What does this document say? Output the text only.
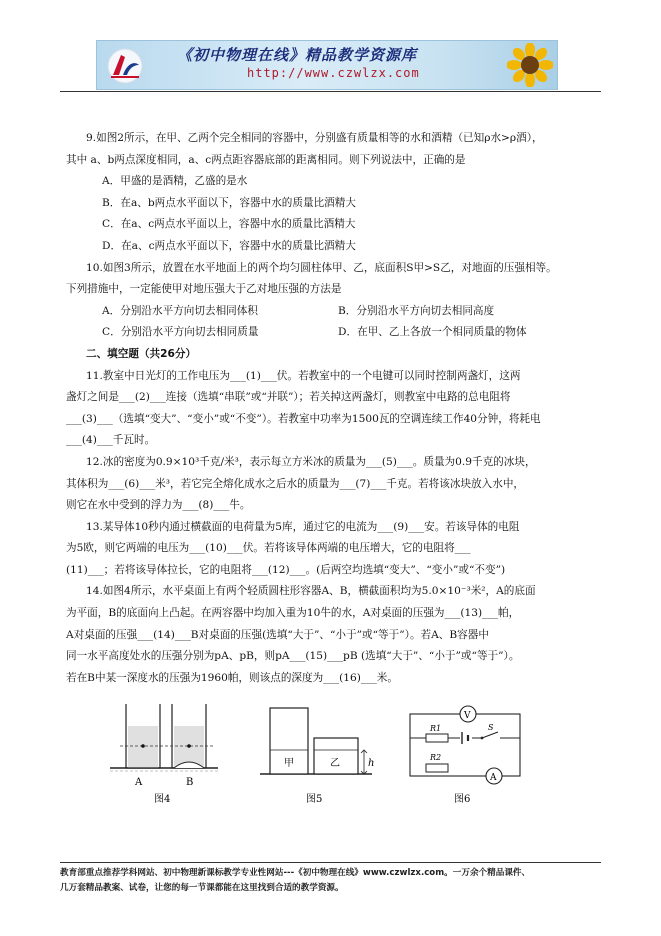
《初中物理在线》精品教学资源库
http://www.czwlzx.com
9.如图2所示，在甲、乙两个完全相同的容器中，分别盛有质量相等的水和酒精（已知ρ水>ρ酒），
其中 a、b两点深度相同，a、c两点距容器底部的距离相同。则下列说法中，正确的是
A．甲盛的是酒精，乙盛的是水
B．在a、b两点水平面以下，容器中水的质量比酒精大
C．在a、c两点水平面以上，容器中水的质量比酒精大
D．在a、c两点水平面以下，容器中水的质量比酒精大
10.如图3所示，放置在水平地面上的两个均匀圆柱体甲、乙，底面积S甲>S乙，对地面的压强相等。
下列措施中，一定能使甲对地压强大于乙对地压强的方法是
A．分别沿水平方向切去相同体积	B．分别沿水平方向切去相同高度
C．分别沿水平方向切去相同质量	D．在甲、乙上各放一个相同质量的物体
二、填空题（共26分）
11.教室中日光灯的工作电压为___(1)___伏。若教室中的一个电键可以同时控制两盏灯，这两
盏灯之间是___(2)___连接（选填“串联”或“并联”）；若关掉这两盏灯，则教室中电路的总电阻将
___(3)___（选填“变大”、“变小”或“不变”）。若教室中功率为1500瓦的空调连续工作40分钟，将耗电
___(4)___千瓦时。
12.冰的密度为0.9×10³千克/米³，表示每立方米冰的质量为___(5)___。质量为0.9千克的冰块，
其体积为___(6)___米³，若它完全熔化成水之后水的质量为___(7)___千克。若将该冰块放入水中，
则它在水中受到的浮力为___(8)___牛。
13.某导体10秒内通过横截面的电荷量为5库，通过它的电流为___(9)___安。若该导体的电阻
为5欧，则它两端的电压为___(10)___伏。若将该导体两端的电压增大，它的电阻将___
(11)___；若将该导体拉长，它的电阻将___(12)___。(后两空均选填“变大”、“变小”或“不变”)
14.如图4所示，水平桌面上有两个轻质圆柱形容器A、B，横截面积均为5.0×10⁻³米²，A的底面
为平面，B的底面向上凸起。在两容器中均加入重为10牛的水，A对桌面的压强为___(13)___帕，
A对桌面的压强___(14)___B对桌面的压强(选填“大于”、“小于”或“等于”）。若A、B容器中
同一水平高度处水的压强分别为pA、pB，则pA___(15)___pB (选填“大于”、“小于”或“等于”）。
若在B中某一深度水的压强为1960帕，则该点的深度为___(16)___米。
A	B
图4
甲	乙	h
图5
V
R1	S
R2
A
图6
教育部重点推荐学科网站、初中物理新课标教学专业性网站---《初中物理在线》www.czwlzx.com。一万余个精品课件、
几万套精品教案、试卷，让您的每一节课都能在这里找到合适的教学资源。
